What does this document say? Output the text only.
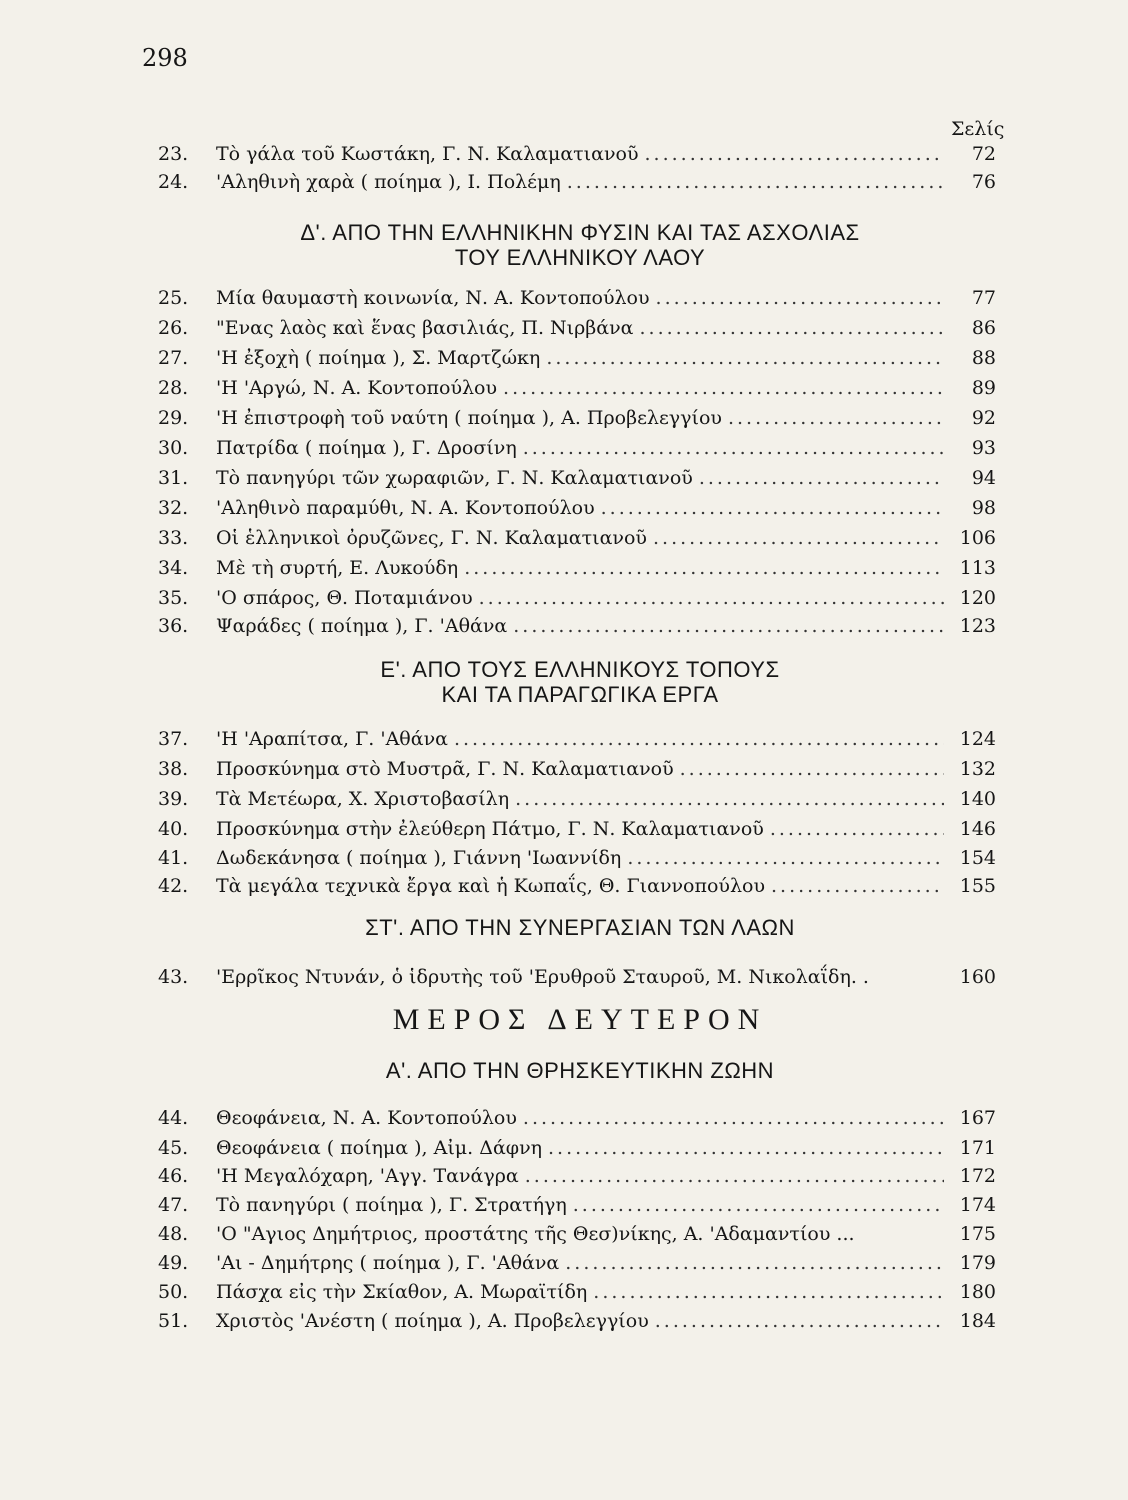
298
Σελίς
23.	Τὸ γάλα τοῦ Κωστάκη, Γ. Ν. Καλαματιανοῦ .....	72
24.	'Αληθινὴ χαρὰ ( ποίημα ), Ι. Πολέμη .....	76
Δ'. ΑΠΟ ΤΗΝ ΕΛΛΗΝΙΚΗΝ ΦΥΣΙΝ ΚΑΙ ΤΑΣ ΑΣΧΟΛΙΑΣ
ΤΟΥ ΕΛΛΗΝΙΚΟΥ ΛΑΟΥ
25.	Μία θαυμαστὴ κοινωνία, Ν. Α. Κοντοπούλου .....	77
26.	"Ενας λαὸς καὶ ἕνας βασιλιάς, Π. Νιρβάνα .....	86
27.	'Η ἐξοχὴ ( ποίημα ), Σ. Μαρτζώκη .....	88
28.	'Η 'Αργώ, Ν. Α. Κοντοπούλου .....	89
29.	'Η ἐπιστροφὴ τοῦ ναύτη ( ποίημα ), Α. Προβελεγγίου .....	92
30.	Πατρίδα ( ποίημα ), Γ. Δροσίνη .....	93
31.	Τὸ πανηγύρι τῶν χωραφιῶν, Γ. Ν. Καλαματιανοῦ .....	94
32.	'Αληθινὸ παραμύθι, Ν. Α. Κοντοπούλου .....	98
33.	Οἱ ἑλληνικοὶ ὀρυζῶνες, Γ. Ν. Καλαματιανοῦ .....	106
34.	Μὲ τὴ συρτή, Ε. Λυκούδη .....	113
35.	'Ο σπάρος, Θ. Ποταμιάνου .....	120
36.	Ψαράδες ( ποίημα ), Γ. 'Αθάνα .....	123
Ε'. ΑΠΟ ΤΟΥΣ ΕΛΛΗΝΙΚΟΥΣ ΤΟΠΟΥΣ
ΚΑΙ ΤΑ ΠΑΡΑΓΩΓΙΚΑ ΕΡΓΑ
37.	'Η 'Αραπίτσα, Γ. 'Αθάνα .....	124
38.	Προσκύνημα στὸ Μυστρᾶ, Γ. Ν. Καλαματιανοῦ .....	132
39.	Τὰ Μετέωρα, Χ. Χριστοβασίλη .....	140
40.	Προσκύνημα στὴν ἐλεύθερη Πάτμο, Γ. Ν. Καλαματιανοῦ .....	146
41.	Δωδεκάνησα ( ποίημα ), Γιάννη 'Ιωαννίδη .....	154
42.	Τὰ μεγάλα τεχνικὰ ἔργα καὶ ἡ Κωπαΐς, Θ. Γιαννοπούλου .....	155
ΣΤ'. ΑΠΟ ΤΗΝ ΣΥΝΕΡΓΑΣΙΑΝ ΤΩΝ ΛΑΩΝ
43.	'Ερρῖκος Ντυνάν, ὁ ἱδρυτὴς τοῦ 'Ερυθροῦ Σταυροῦ, Μ. Νικολαΐδη. .	160
ΜΕΡΟΣ ΔΕΥΤΕΡΟΝ
Α'. ΑΠΟ ΤΗΝ ΘΡΗΣΚΕΥΤΙΚΗΝ ΖΩΗΝ
44.	Θεοφάνεια, Ν. Α. Κοντοπούλου .....	167
45.	Θεοφάνεια ( ποίημα ), Αἰμ. Δάφνη .....	171
46.	'Η Μεγαλόχαρη, 'Αγγ. Τανάγρα .....	172
47.	Τὸ πανηγύρι ( ποίημα ), Γ. Στρατήγη .....	174
48.	'Ο "Αγιος Δημήτριος, προστάτης τῆς Θεσ)νίκης, Α. 'Αδαμαντίου ...	175
49.	'Αι - Δημήτρης ( ποίημα ), Γ. 'Αθάνα .....	179
50.	Πάσχα εἰς τὴν Σκίαθον, Α. Μωραϊτίδη .....	180
51.	Χριστὸς 'Ανέστη ( ποίημα ), Α. Προβελεγγίου .....	184
